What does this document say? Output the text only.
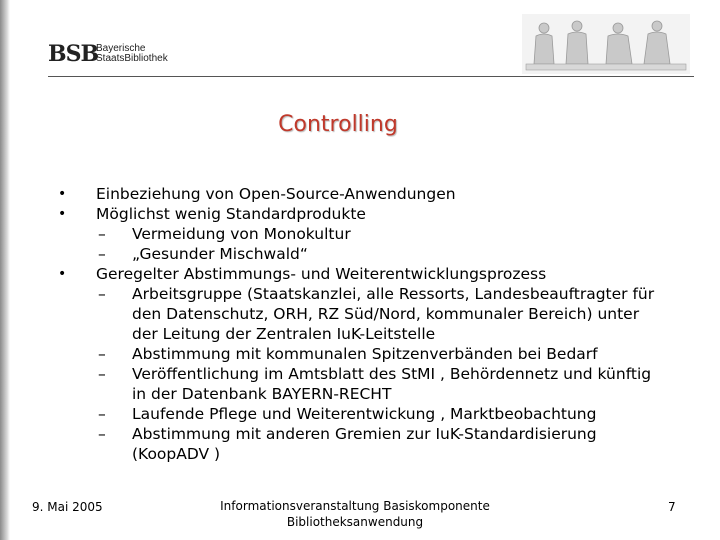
BSB
Bayerische
StaatsBibliothek
Controlling
• Einbeziehung von Open-Source-Anwendungen
• Möglichst wenig Standardprodukte
– Vermeidung von Monokultur
– „Gesunder Mischwald“
• Geregelter Abstimmungs- und Weiterentwicklungsprozess
– Arbeitsgruppe (Staatskanzlei, alle Ressorts, Landesbeauftragter für den Datenschutz, ORH, RZ Süd/Nord, kommunaler Bereich) unter der Leitung der Zentralen IuK-Leitstelle
– Abstimmung mit kommunalen Spitzenverbänden bei Bedarf
– Veröffentlichung im Amtsblatt des StMI , Behördennetz und künftig in der Datenbank BAYERN-RECHT
– Laufende Pflege und Weiterentwickung , Marktbeobachtung
– Abstimmung mit anderen Gremien zur IuK-Standardisierung (KoopADV )
9. Mai 2005	Informationsveranstaltung Basiskomponente
Bibliotheksanwendung
7
